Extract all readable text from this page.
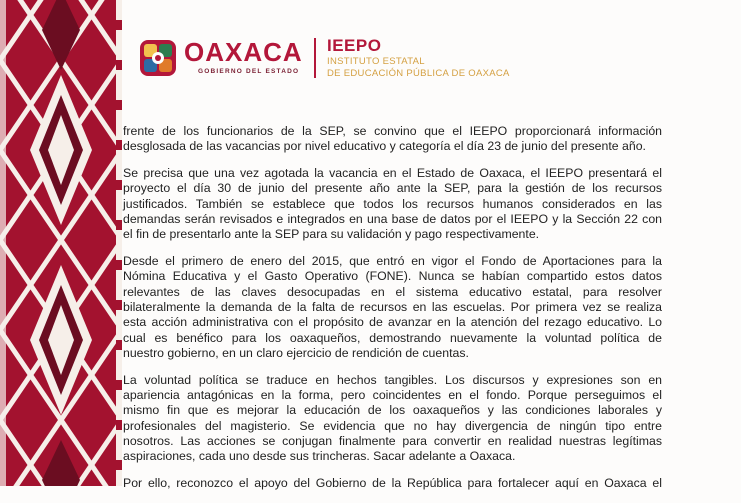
OAXACA
GOBIERNO DEL ESTADO
IEEPO
INSTITUTO ESTATAL
DE EDUCACIÓN PÚBLICA DE OAXACA

frente de los funcionarios de la SEP, se convino que el IEEPO proporcionará información
desglosada de las vacancias por nivel educativo y categoría el día 23 de junio del presente año.

Se precisa que una vez agotada la vacancia en el Estado de Oaxaca, el IEEPO presentará el
proyecto el día 30 de junio del presente año ante la SEP, para la gestión de los recursos
justificados. También se establece que todos los recursos humanos considerados en las
demandas serán revisados e integrados en una base de datos por el IEEPO y la Sección 22 con
el fin de presentarlo ante la SEP para su validación y pago respectivamente.

Desde el primero de enero del 2015, que entró en vigor el Fondo de Aportaciones para la
Nómina Educativa y el Gasto Operativo (FONE). Nunca se habían compartido estos datos
relevantes de las claves desocupadas en el sistema educativo estatal, para resolver
bilateralmente la demanda de la falta de recursos en las escuelas. Por primera vez se realiza
esta acción administrativa con el propósito de avanzar en la atención del rezago educativo. Lo
cual es benéfico para los oaxaqueños, demostrando nuevamente la voluntad política de
nuestro gobierno, en un claro ejercicio de rendición de cuentas.

La voluntad política se traduce en hechos tangibles. Los discursos y expresiones son en
apariencia antagónicas en la forma, pero coincidentes en el fondo. Porque perseguimos el
mismo fin que es mejorar la educación de los oaxaqueños y las condiciones laborales y
profesionales del magisterio. Se evidencia que no hay divergencia de ningún tipo entre
nosotros. Las acciones se conjugan finalmente para convertir en realidad nuestras legítimas
aspiraciones, cada uno desde sus trincheras. Sacar adelante a Oaxaca.

Por ello, reconozco el apoyo del Gobierno de la República para fortalecer aquí en Oaxaca el
